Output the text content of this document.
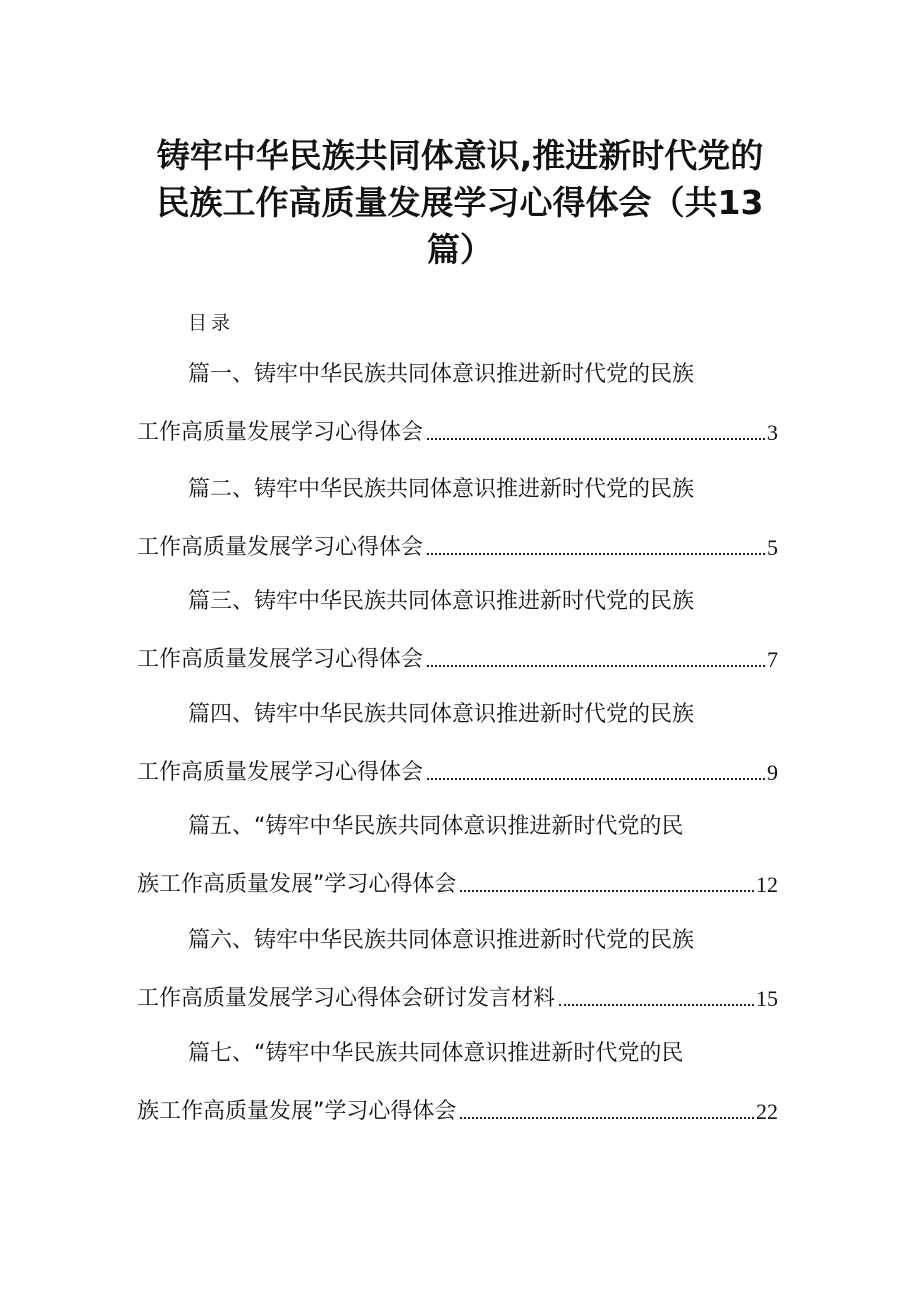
铸牢中华民族共同体意识,推进新时代党的民族工作高质量发展学习心得体会（共13篇）
目录
篇一、铸牢中华民族共同体意识推进新时代党的民族
工作高质量发展学习心得体会	3
篇二、铸牢中华民族共同体意识推进新时代党的民族
工作高质量发展学习心得体会	5
篇三、铸牢中华民族共同体意识推进新时代党的民族
工作高质量发展学习心得体会	7
篇四、铸牢中华民族共同体意识推进新时代党的民族
工作高质量发展学习心得体会	9
篇五、“铸牢中华民族共同体意识推进新时代党的民
族工作高质量发展”学习心得体会	12
篇六、铸牢中华民族共同体意识推进新时代党的民族
工作高质量发展学习心得体会研讨发言材料	15
篇七、“铸牢中华民族共同体意识推进新时代党的民
族工作高质量发展”学习心得体会	22
